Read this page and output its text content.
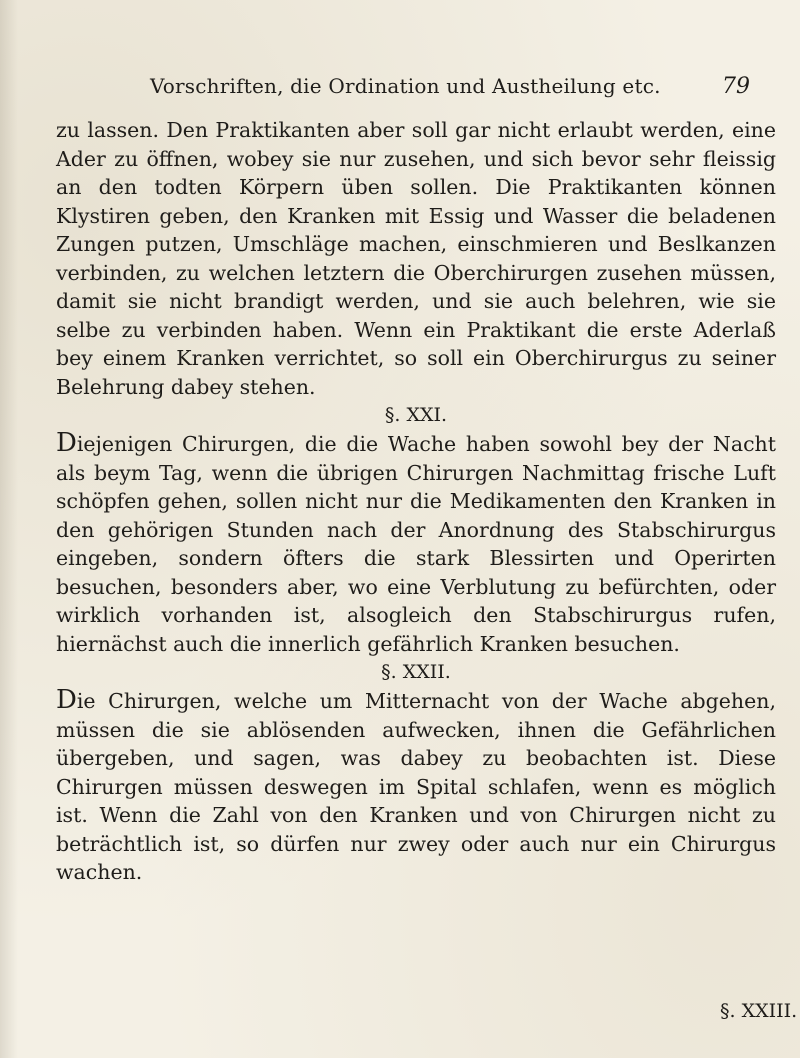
Vorschriften, die Ordination und Austheilung etc.	79

zu lassen. Den Praktikanten aber soll gar nicht erlaubt werden, eine Ader zu öffnen, wobey sie nur zusehen, und sich bevor sehr fleissig an den todten Körpern üben sollen. Die Praktikanten können Klystiren geben, den Kranken mit Essig und Wasser die beladenen Zungen putzen, Umschläge machen, einschmieren und Beslkanzen verbinden, zu welchen letztern die Oberchirurgen zusehen müssen, damit sie nicht brandigt werden, und sie auch belehren, wie sie selbe zu verbinden haben. Wenn ein Praktikant die erste Aderlaß bey einem Kranken verrichtet, so soll ein Oberchirurgus zu seiner Belehrung dabey stehen.

§. XXI.

Diejenigen Chirurgen, die die Wache haben sowohl bey der Nacht als beym Tag, wenn die übrigen Chirurgen Nachmittag frische Luft schöpfen gehen, sollen nicht nur die Medikamenten den Kranken in den gehörigen Stunden nach der Anordnung des Stabschirurgus eingeben, sondern öfters die stark Blessirten und Operirten besuchen, besonders aber, wo eine Verblutung zu befürchten, oder wirklich vorhanden ist, alsogleich den Stabschirurgus rufen, hiernächst auch die innerlich gefährlich Kranken besuchen.

§. XXII.

Die Chirurgen, welche um Mitternacht von der Wache abgehen, müssen die sie ablösenden aufwecken, ihnen die Gefährlichen übergeben, und sagen, was dabey zu beobachten ist. Diese Chirurgen müssen deswegen im Spital schlafen, wenn es möglich ist. Wenn die Zahl von den Kranken und von Chirurgen nicht zu beträchtlich ist, so dürfen nur zwey oder auch nur ein Chirurgus wachen.

§. XXIII.
